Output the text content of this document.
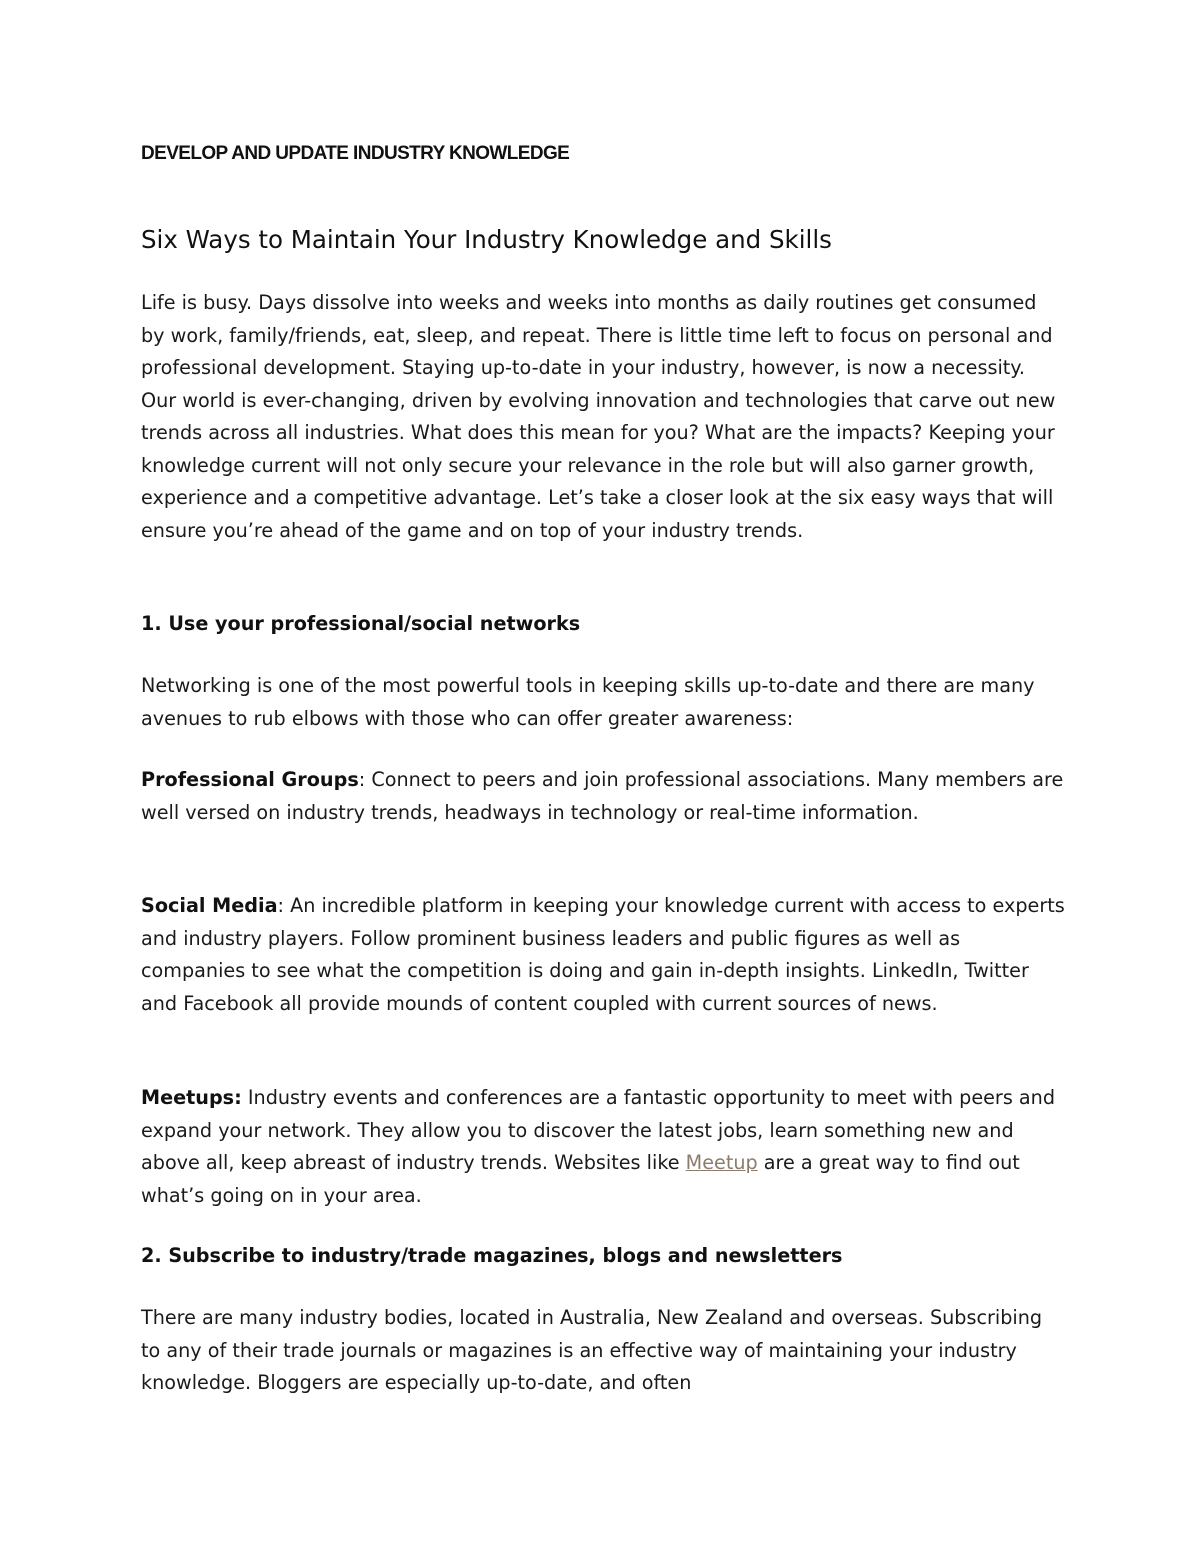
DEVELOP AND UPDATE INDUSTRY KNOWLEDGE
Six Ways to Maintain Your Industry Knowledge and Skills

Life is busy. Days dissolve into weeks and weeks into months as daily routines get consumed by work, family/friends, eat, sleep, and repeat. There is little time left to focus on personal and professional development. Staying up-to-date in your industry, however, is now a necessity. Our world is ever-changing, driven by evolving innovation and technologies that carve out new trends across all industries. What does this mean for you? What are the impacts? Keeping your knowledge current will not only secure your relevance in the role but will also garner growth, experience and a competitive advantage. Let’s take a closer look at the six easy ways that will ensure you’re ahead of the game and on top of your industry trends.

1. Use your professional/social networks

Networking is one of the most powerful tools in keeping skills up-to-date and there are many avenues to rub elbows with those who can offer greater awareness:

Professional Groups: Connect to peers and join professional associations. Many members are well versed on industry trends, headways in technology or real-time information.

Social Media: An incredible platform in keeping your knowledge current with access to experts and industry players. Follow prominent business leaders and public figures as well as companies to see what the competition is doing and gain in-depth insights. LinkedIn, Twitter and Facebook all provide mounds of content coupled with current sources of news.

Meetups: Industry events and conferences are a fantastic opportunity to meet with peers and expand your network. They allow you to discover the latest jobs, learn something new and above all, keep abreast of industry trends. Websites like Meetup are a great way to find out what’s going on in your area.

2. Subscribe to industry/trade magazines, blogs and newsletters

There are many industry bodies, located in Australia, New Zealand and overseas. Subscribing to any of their trade journals or magazines is an effective way of maintaining your industry knowledge. Bloggers are especially up-to-date, and often
